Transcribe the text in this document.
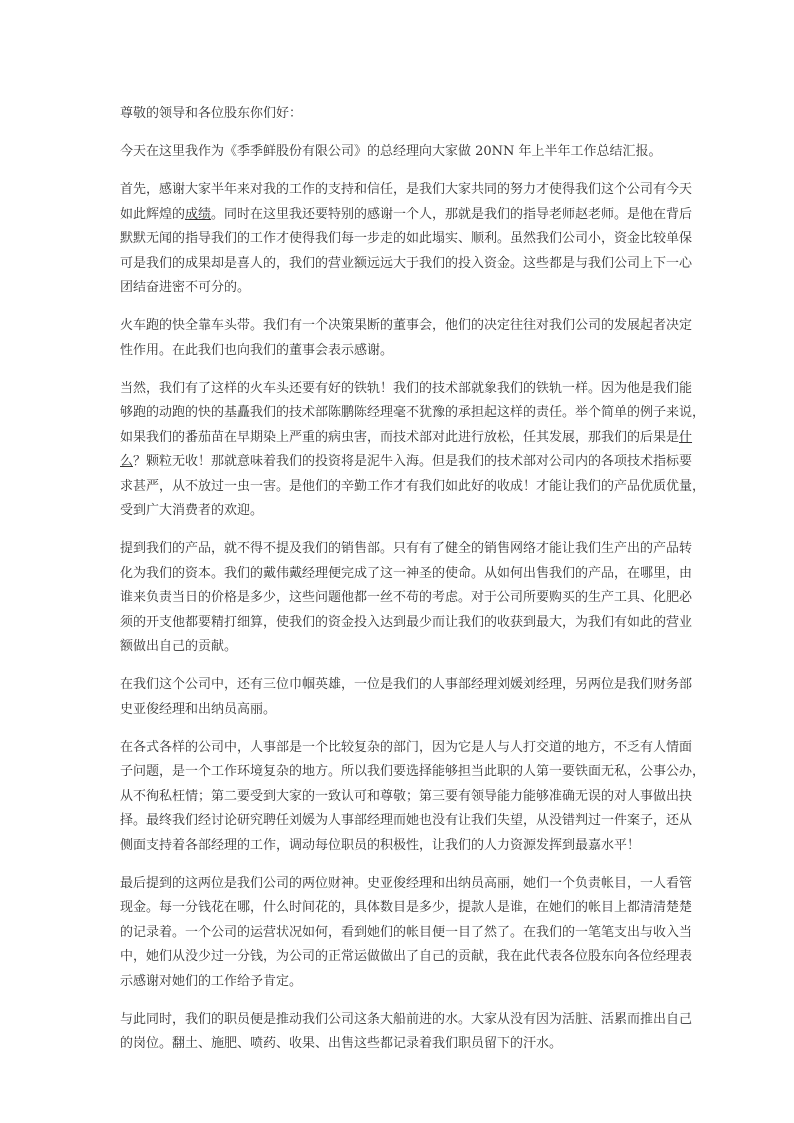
尊敬的领导和各位股东你们好：
今天在这里我作为《季季鲜股份有限公司》的总经理向大家做 20NN 年上半年工作总结汇报。
首先，感谢大家半年来对我的工作的支持和信任，是我们大家共同的努力才使得我们这个公司有今天
如此辉煌的成绩。同时在这里我还要特别的感谢一个人，那就是我们的指导老师赵老师。是他在背后
默默无闻的指导我们的工作才使得我们每一步走的如此塌实、顺利。虽然我们公司小，资金比较单保
可是我们的成果却是喜人的，我们的营业额远远大于我们的投入资金。这些都是与我们公司上下一心
团结奋进密不可分的。
火车跑的快全靠车头带。我们有一个决策果断的董事会，他们的决定往往对我们公司的发展起者决定
性作用。在此我们也向我们的董事会表示感谢。
当然，我们有了这样的火车头还要有好的铁轨！我们的技术部就象我们的铁轨一样。因为他是我们能
够跑的动跑的快的基矗我们的技术部陈鹏陈经理毫不犹豫的承担起这样的责任。举个简单的例子来说，
如果我们的番茄苗在早期染上严重的病虫害，而技术部对此进行放松，任其发展，那我们的后果是什
么？颗粒无收！那就意味着我们的投资将是泥牛入海。但是我们的技术部对公司内的各项技术指标要
求甚严，从不放过一虫一害。是他们的辛勤工作才有我们如此好的收成！才能让我们的产品优质优量，
受到广大消费者的欢迎。
提到我们的产品，就不得不提及我们的销售部。只有有了健全的销售网络才能让我们生产出的产品转
化为我们的资本。我们的戴伟戴经理便完成了这一神圣的使命。从如何出售我们的产品，在哪里，由
谁来负责当日的价格是多少，这些问题他都一丝不苟的考虑。对于公司所要购买的生产工具、化肥必
须的开支他都要精打细算，使我们的资金投入达到最少而让我们的收获到最大，为我们有如此的营业
额做出自己的贡献。
在我们这个公司中，还有三位巾帼英雄，一位是我们的人事部经理刘媛刘经理，另两位是我们财务部
史亚俊经理和出纳员高丽。
在各式各样的公司中，人事部是一个比较复杂的部门，因为它是人与人打交道的地方，不乏有人情面
子问题，是一个工作环境复杂的地方。所以我们要选择能够担当此职的人第一要铁面无私，公事公办，
从不徇私枉情；第二要受到大家的一致认可和尊敬；第三要有领导能力能够准确无误的对人事做出抉
择。最终我们经讨论研究聘任刘媛为人事部经理而她也没有让我们失望，从没错判过一件案子，还从
侧面支持着各部经理的工作，调动每位职员的积极性，让我们的人力资源发挥到最嘉水平！
最后提到的这两位是我们公司的两位财神。史亚俊经理和出纳员高丽，她们一个负责帐目，一人看管
现金。每一分钱花在哪，什么时间花的，具体数目是多少，提款人是谁，在她们的帐目上都清清楚楚
的记录着。一个公司的运营状况如何，看到她们的帐目便一目了然了。在我们的一笔笔支出与收入当
中，她们从没少过一分钱，为公司的正常运做做出了自己的贡献，我在此代表各位股东向各位经理表
示感谢对她们的工作给予肯定。
与此同时，我们的职员便是推动我们公司这条大船前进的水。大家从没有因为活脏、活累而推出自己
的岗位。翻土、施肥、喷药、收果、出售这些都记录着我们职员留下的汗水。
